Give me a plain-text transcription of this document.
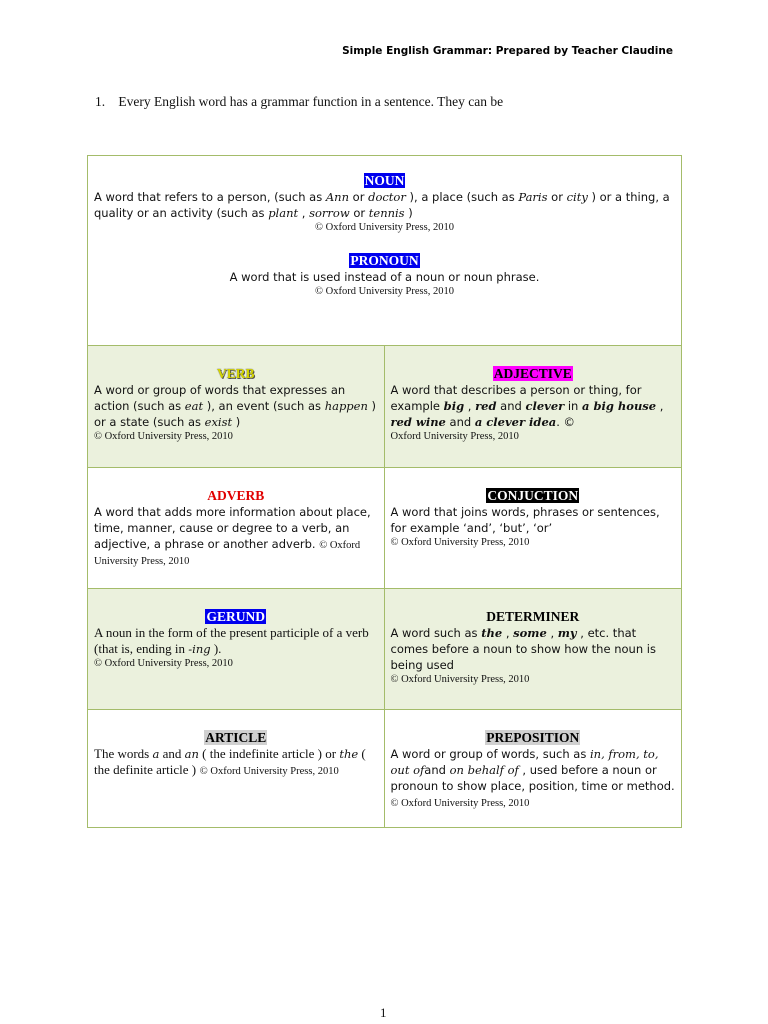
Simple English Grammar: Prepared by Teacher Claudine
1. Every English word has a grammar function in a sentence. They can be
NOUN

A word that refers to a person, (such as Ann or doctor ), a place (such as Paris or city ) or a thing, a quality or an activity (such as plant , sorrow or tennis )

© Oxford University Press, 2010
PRONOUN

A word that is used instead of a noun or noun phrase.

© Oxford University Press, 2010
VERB

A word or group of words that expresses an action (such as eat ), an event (such as happen ) or a state (such as exist )

© Oxford University Press, 2010
ADJECTIVE

A word that describes a person or thing, for example big , red and clever in a big house , red wine and a clever idea. ©

Oxford University Press, 2010
ADVERB

A word that adds more information about place, time, manner, cause or degree to a verb, an adjective, a phrase or another adverb. © Oxford University Press, 2010

CONJUCTION

A word that joins words, phrases or sentences, for example ‘and’, ‘but’, ‘or’

© Oxford University Press, 2010
GERUND

A noun in the form of the present participle of a verb (that is, ending in -ing ).

© Oxford University Press, 2010
DETERMINER

A word such as the , some , my , etc. that comes before a noun to show how the noun is being used

© Oxford University Press, 2010
ARTICLE

The words a and an ( the indefinite article ) or the ( the definite article ) © Oxford University Press, 2010

PREPOSITION

A word or group of words, such as in, from, to, out ofand on behalf of , used before a noun or pronoun to show place, position, time or method. © Oxford University Press, 2010

1
